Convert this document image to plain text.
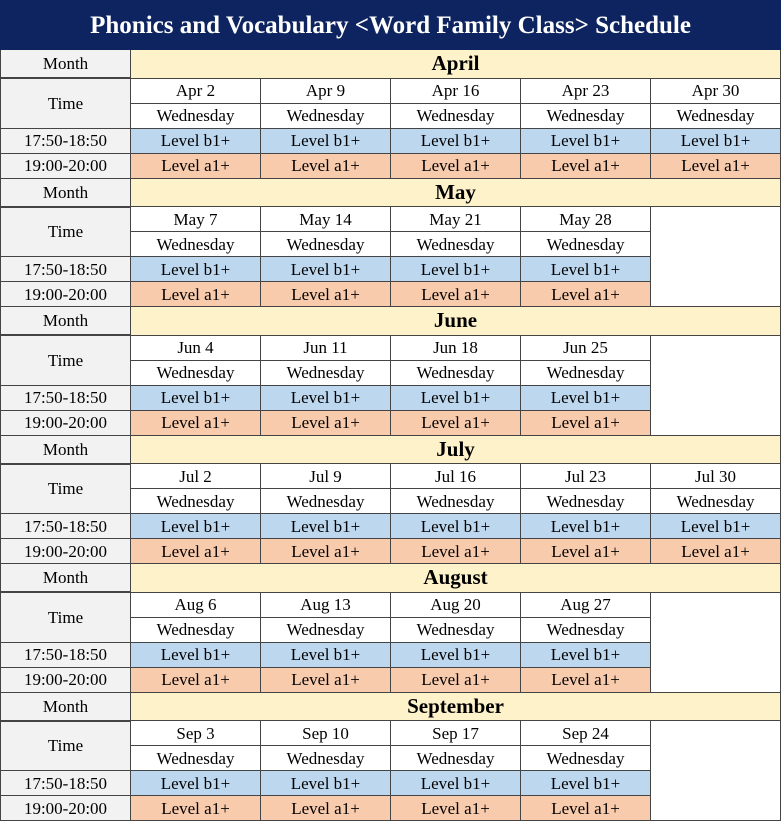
Phonics and Vocabulary <Word Family Class> Schedule					
Month	April				
Time	Apr 2	Apr 9	Apr 16	Apr 23	Apr 30
	Wednesday	Wednesday	Wednesday	Wednesday	Wednesday
17:50-18:50	Level b1+	Level b1+	Level b1+	Level b1+	Level b1+
19:00-20:00	Level a1+	Level a1+	Level a1+	Level a1+	Level a1+
Month	May				
Time	May 7	May 14	May 21	May 28	
	Wednesday	Wednesday	Wednesday	Wednesday	
17:50-18:50	Level b1+	Level b1+	Level b1+	Level b1+	
19:00-20:00	Level a1+	Level a1+	Level a1+	Level a1+	
Month	June				
Time	Jun 4	Jun 11	Jun 18	Jun 25	
	Wednesday	Wednesday	Wednesday	Wednesday	
17:50-18:50	Level b1+	Level b1+	Level b1+	Level b1+	
19:00-20:00	Level a1+	Level a1+	Level a1+	Level a1+	
Month	July				
Time	Jul 2	Jul 9	Jul 16	Jul 23	Jul 30
	Wednesday	Wednesday	Wednesday	Wednesday	Wednesday
17:50-18:50	Level b1+	Level b1+	Level b1+	Level b1+	Level b1+
19:00-20:00	Level a1+	Level a1+	Level a1+	Level a1+	Level a1+
Month	August				
Time	Aug 6	Aug 13	Aug 20	Aug 27	
	Wednesday	Wednesday	Wednesday	Wednesday	
17:50-18:50	Level b1+	Level b1+	Level b1+	Level b1+	
19:00-20:00	Level a1+	Level a1+	Level a1+	Level a1+	
Month	September				
Time	Sep 3	Sep 10	Sep 17	Sep 24	
	Wednesday	Wednesday	Wednesday	Wednesday	
17:50-18:50	Level b1+	Level b1+	Level b1+	Level b1+	
19:00-20:00	Level a1+	Level a1+	Level a1+	Level a1+	
